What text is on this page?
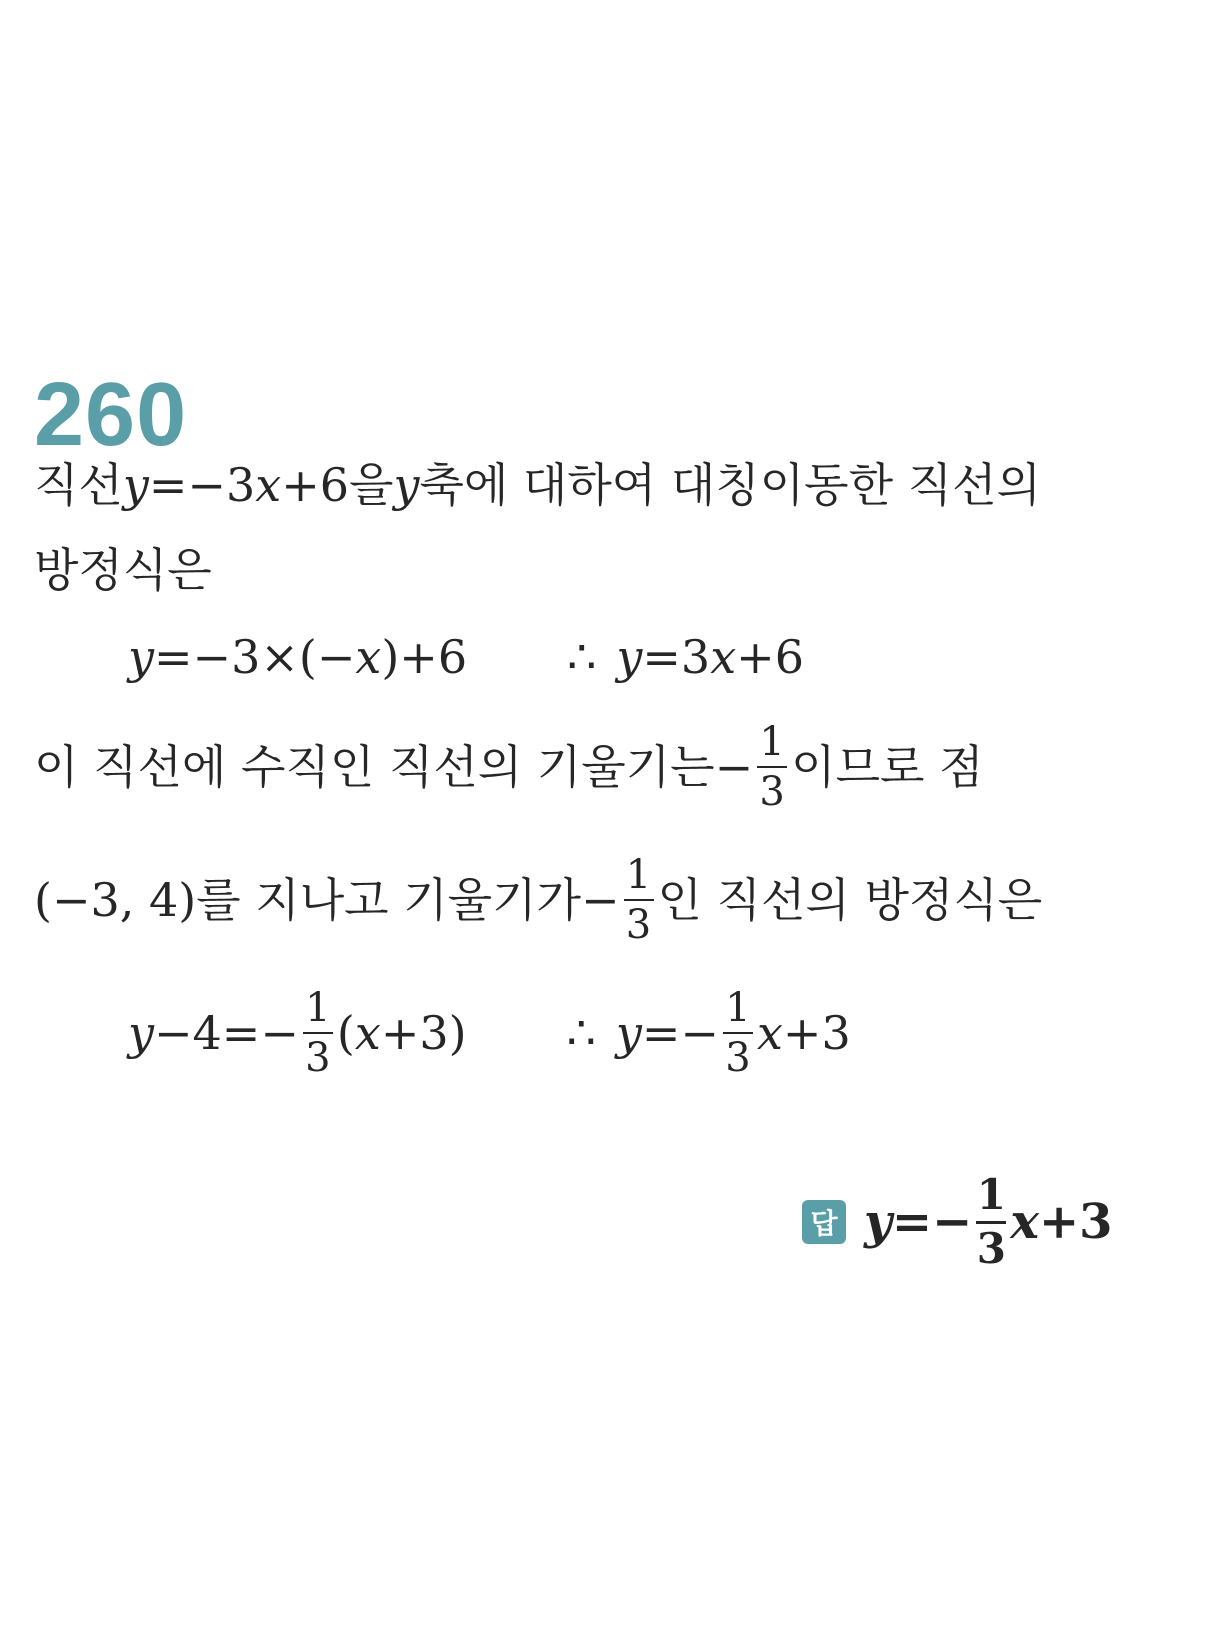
260
직선 y =−3 x +6 을 y 축에 대하여 대칭이동한 직선의
방정식은
y =−3×(− x )+6 ∴ y =3 x +6
이 직선에 수직인 직선의 기울기는 − $\frac{1}{3}$ 이므로 점
(−3, 4) 를 지나고 기울기가 − $\frac{1}{3}$ 인 직선의 방정식은
$y -4=- \frac{1}{3}$ ( x +3) ∴ $y =- \frac{1}{3}$ x +3
답 $y =- \frac{1}{3}$ x +3
